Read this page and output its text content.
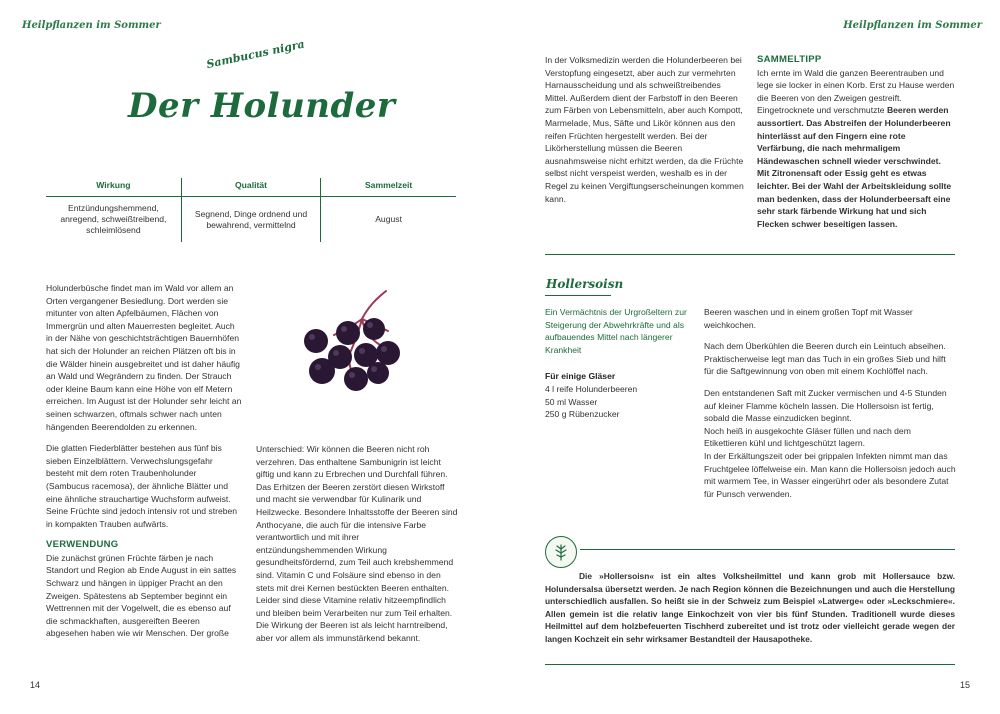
Heilpflanzen im Sommer	Heilpflanzen im Sommer
Sambucus nigra
Der Holunder
Wirkung	Qualität	Sammelzeit
Entzündungshemmend, anregend, schweißtreibend, schleimlösend	Segnend, Dinge ordnend und bewahrend, vermittelnd	August

Holunderbüsche findet man im Wald vor allem an Orten vergangener Besiedlung. Dort werden sie mitunter von alten Apfelbäumen, Flächen von Immergrün und alten Mauerresten begleitet. Auch in der Nähe von geschichtsträchtigen Bauernhöfen hat sich der Holunder an reichen Plätzen oft bis in die Wälder hinein ausgebreitet und ist daher häufig an Wald und Wegrändern zu finden. Der Strauch oder kleine Baum kann eine Höhe von elf Metern erreichen. Im August ist der Holunder sehr leicht an seinen schwarzen, oftmals schwer nach unten hängenden Beerendolden zu erkennen.

Die glatten Fiederblätter bestehen aus fünf bis sieben Einzelblättern. Verwechslungsgefahr besteht mit dem roten Traubenholunder (Sambucus racemosa), der ähnliche Blätter und eine ähnliche strauchartige Wuchsform aufweist. Seine Früchte sind jedoch intensiv rot und streben in kompakten Trauben aufwärts.

VERWENDUNG

Die zunächst grünen Früchte färben je nach Standort und Region ab Ende August in ein sattes Schwarz und hängen in üppiger Pracht an den Zweigen. Spätestens ab September beginnt ein Wettrennen mit der Vogelwelt, die es ebenso auf die schmackhaften, ausgereiften Beeren abgesehen haben wie wir Menschen. Der große

Unterschied: Wir können die Beeren nicht roh verzehren. Das enthaltene Sambunigrin ist leicht giftig und kann zu Erbrechen und Durchfall führen. Das Erhitzen der Beeren zerstört diesen Wirkstoff und macht sie verwendbar für Kulinarik und Heilzwecke. Besondere Inhaltsstoffe der Beeren sind Anthocyane, die auch für die intensive Farbe verantwortlich und mit ihrer entzündungshemmenden Wirkung gesundheitsfördernd, zum Teil auch krebshemmend sind. Vitamin C und Folsäure sind ebenso in den stets mit drei Kernen bestückten Beeren enthalten. Leider sind diese Vitamine relativ hitzeempfindlich und bleiben beim Verarbeiten nur zum Teil erhalten. Die Wirkung der Beeren ist als leicht harntreibend, aber vor allem als immunstärkend bekannt.

In der Volksmedizin werden die Holunderbeeren bei Verstopfung eingesetzt, aber auch zur vermehrten Harnausscheidung und als schweißtreibendes Mittel. Außerdem dient der Farbstoff in den Beeren zum Färben von Lebensmitteln, aber auch Kompott, Marmelade, Mus, Säfte und Likör können aus den reifen Früchten hergestellt werden. Bei der Likörherstellung müssen die Beeren ausnahmsweise nicht erhitzt werden, da die Früchte selbst nicht verspeist werden, weshalb es in der Regel zu keinen Vergiftungserscheinungen kommen kann.

SAMMELTIPP

Ich ernte im Wald die ganzen Beerentrauben und lege sie locker in einen Korb. Erst zu Hause werden die Beeren von den Zweigen gestreift. Eingetrocknete und verschmutzte Beeren werden aussortiert. Das Abstreifen der Holunderbeeren hinterlässt auf den Fingern eine rote Verfärbung, die nach mehrmaligem Händewaschen schnell wieder verschwindet. Mit Zitronensaft oder Essig geht es etwas leichter. Bei der Wahl der Arbeitskleidung sollte man bedenken, dass der Holunderbeersaft eine sehr stark färbende Wirkung hat und sich Flecken schwer beseitigen lassen.

Hollersoisn

Ein Vermächtnis der Urgroßeltern zur Steigerung der Abwehrkräfte und als aufbauendes Mittel nach längerer Krankheit

Für einige Gläser

4 l reife Holunderbeeren

50 ml Wasser

250 g Rübenzucker

Beeren waschen und in einem großen Topf mit Wasser weichkochen.

Nach dem Überkühlen die Beeren durch ein Leintuch abseihen. Praktischerweise legt man das Tuch in ein großes Sieb und hilft für die Saftgewinnung von oben mit einem Kochlöffel nach.

Den entstandenen Saft mit Zucker vermischen und 4-5 Stunden auf kleiner Flamme köcheln lassen. Die Hollersoisn ist fertig, sobald die Masse einzudicken beginnt.

Noch heiß in ausgekochte Gläser füllen und nach dem Etikettieren kühl und lichtgeschützt lagern.

In der Erkältungszeit oder bei grippalen Infekten nimmt man das Fruchtgelee löffelweise ein. Man kann die Hollersoisn jedoch auch mit warmem Tee, in Wasser eingerührt oder als besondere Zutat für Punsch verwenden.

Die »Hollersoisn« ist ein altes Volksheilmittel und kann grob mit Hollersauce bzw. Holundersalsa übersetzt werden. Je nach Region können die Bezeichnungen und auch die Herstellung unterschiedlich ausfallen. So heißt sie in der Schweiz zum Beispiel »Latwerge« oder »Leckschmiere«. Allen gemein ist die relativ lange Einkochzeit von vier bis fünf Stunden. Traditionell wurde dieses Heilmittel auf dem holzbefeuerten Tischherd zubereitet und ist trotz oder vielleicht gerade wegen der langen Kochzeit ein sehr wirksamer Bestandteil der Hausapotheke.
14	15
